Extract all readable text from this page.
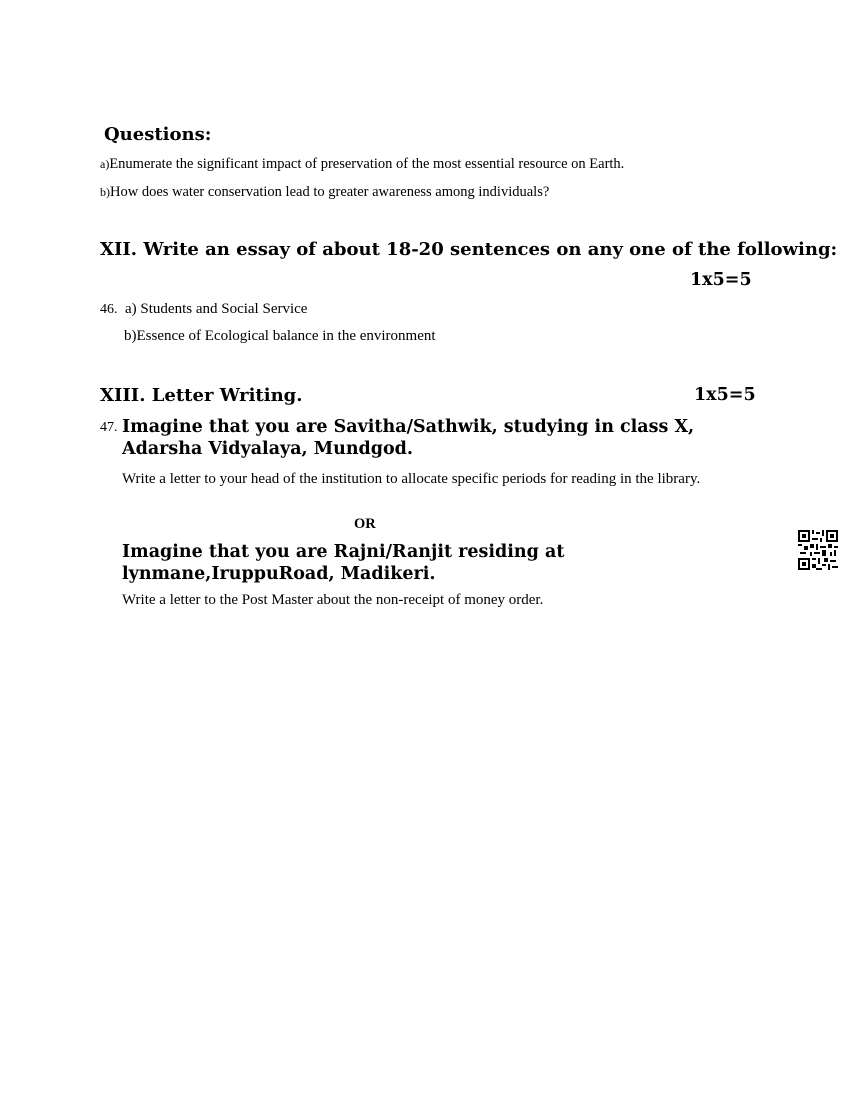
Questions:
a)Enumerate the significant impact of preservation of the most essential resource on Earth.
b)How does water conservation lead to greater awareness among individuals?
XII. Write an essay of about 18-20 sentences on any one of the following:
1x5=5
46. a) Students and Social Service
b)Essence of Ecological balance in the environment
XIII. Letter Writing.	1x5=5
47. Imagine that you are Savitha/Sathwik, studying in class X, Adarsha Vidyalaya, Mundgod.
Write a letter to your head of the institution to allocate specific periods for reading in the library.
OR
Imagine that you are Rajni/Ranjit residing at lynmane,IruppuRoad, Madikeri.
Write a letter to the Post Master about the non-receipt of money order.
